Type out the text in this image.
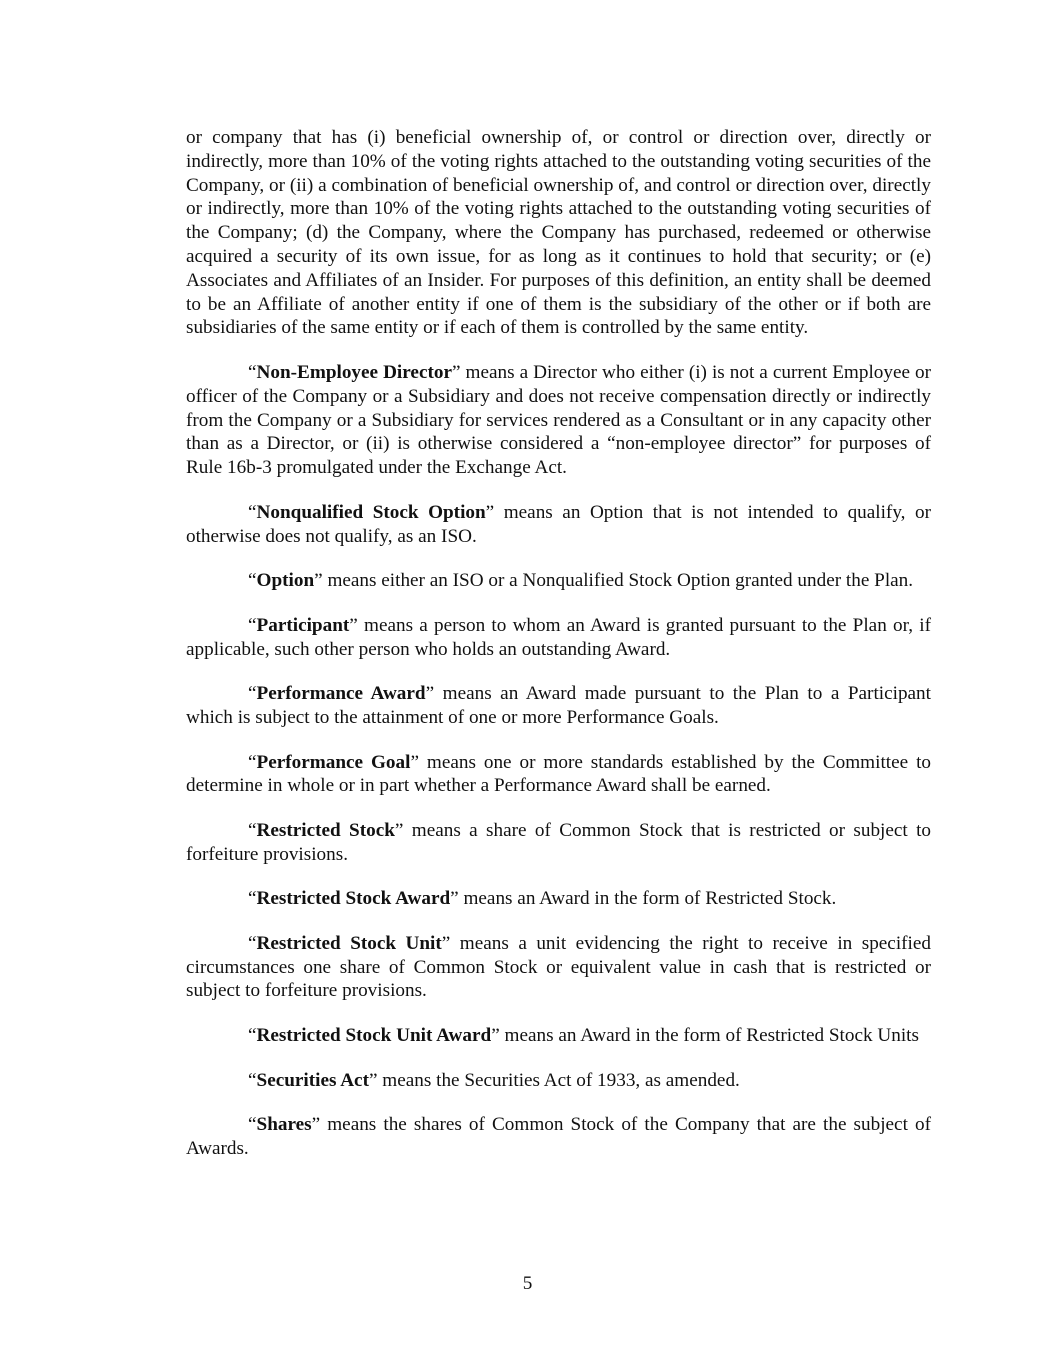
or company that has (i) beneficial ownership of, or control or direction over, directly or indirectly, more than 10% of the voting rights attached to the outstanding voting securities of the Company, or (ii) a combination of beneficial ownership of, and control or direction over, directly or indirectly, more than 10% of the voting rights attached to the outstanding voting securities of the Company; (d) the Company, where the Company has purchased, redeemed or otherwise acquired a security of its own issue, for as long as it continues to hold that security; or (e) Associates and Affiliates of an Insider. For purposes of this definition, an entity shall be deemed to be an Affiliate of another entity if one of them is the subsidiary of the other or if both are subsidiaries of the same entity or if each of them is controlled by the same entity.

“Non-Employee Director” means a Director who either (i) is not a current Employee or officer of the Company or a Subsidiary and does not receive compensation directly or indirectly from the Company or a Subsidiary for services rendered as a Consultant or in any capacity other than as a Director, or (ii) is otherwise considered a “non-employee director” for purposes of Rule 16b-3 promulgated under the Exchange Act.

“Nonqualified Stock Option” means an Option that is not intended to qualify, or otherwise does not qualify, as an ISO.

“Option” means either an ISO or a Nonqualified Stock Option granted under the Plan.

“Participant” means a person to whom an Award is granted pursuant to the Plan or, if applicable, such other person who holds an outstanding Award.

“Performance Award” means an Award made pursuant to the Plan to a Participant which is subject to the attainment of one or more Performance Goals.

“Performance Goal” means one or more standards established by the Committee to determine in whole or in part whether a Performance Award shall be earned.

“Restricted Stock” means a share of Common Stock that is restricted or subject to forfeiture provisions.

“Restricted Stock Award” means an Award in the form of Restricted Stock.

“Restricted Stock Unit” means a unit evidencing the right to receive in specified circumstances one share of Common Stock or equivalent value in cash that is restricted or subject to forfeiture provisions.

“Restricted Stock Unit Award” means an Award in the form of Restricted Stock Units

“Securities Act” means the Securities Act of 1933, as amended.

“Shares” means the shares of Common Stock of the Company that are the subject of Awards.

5
